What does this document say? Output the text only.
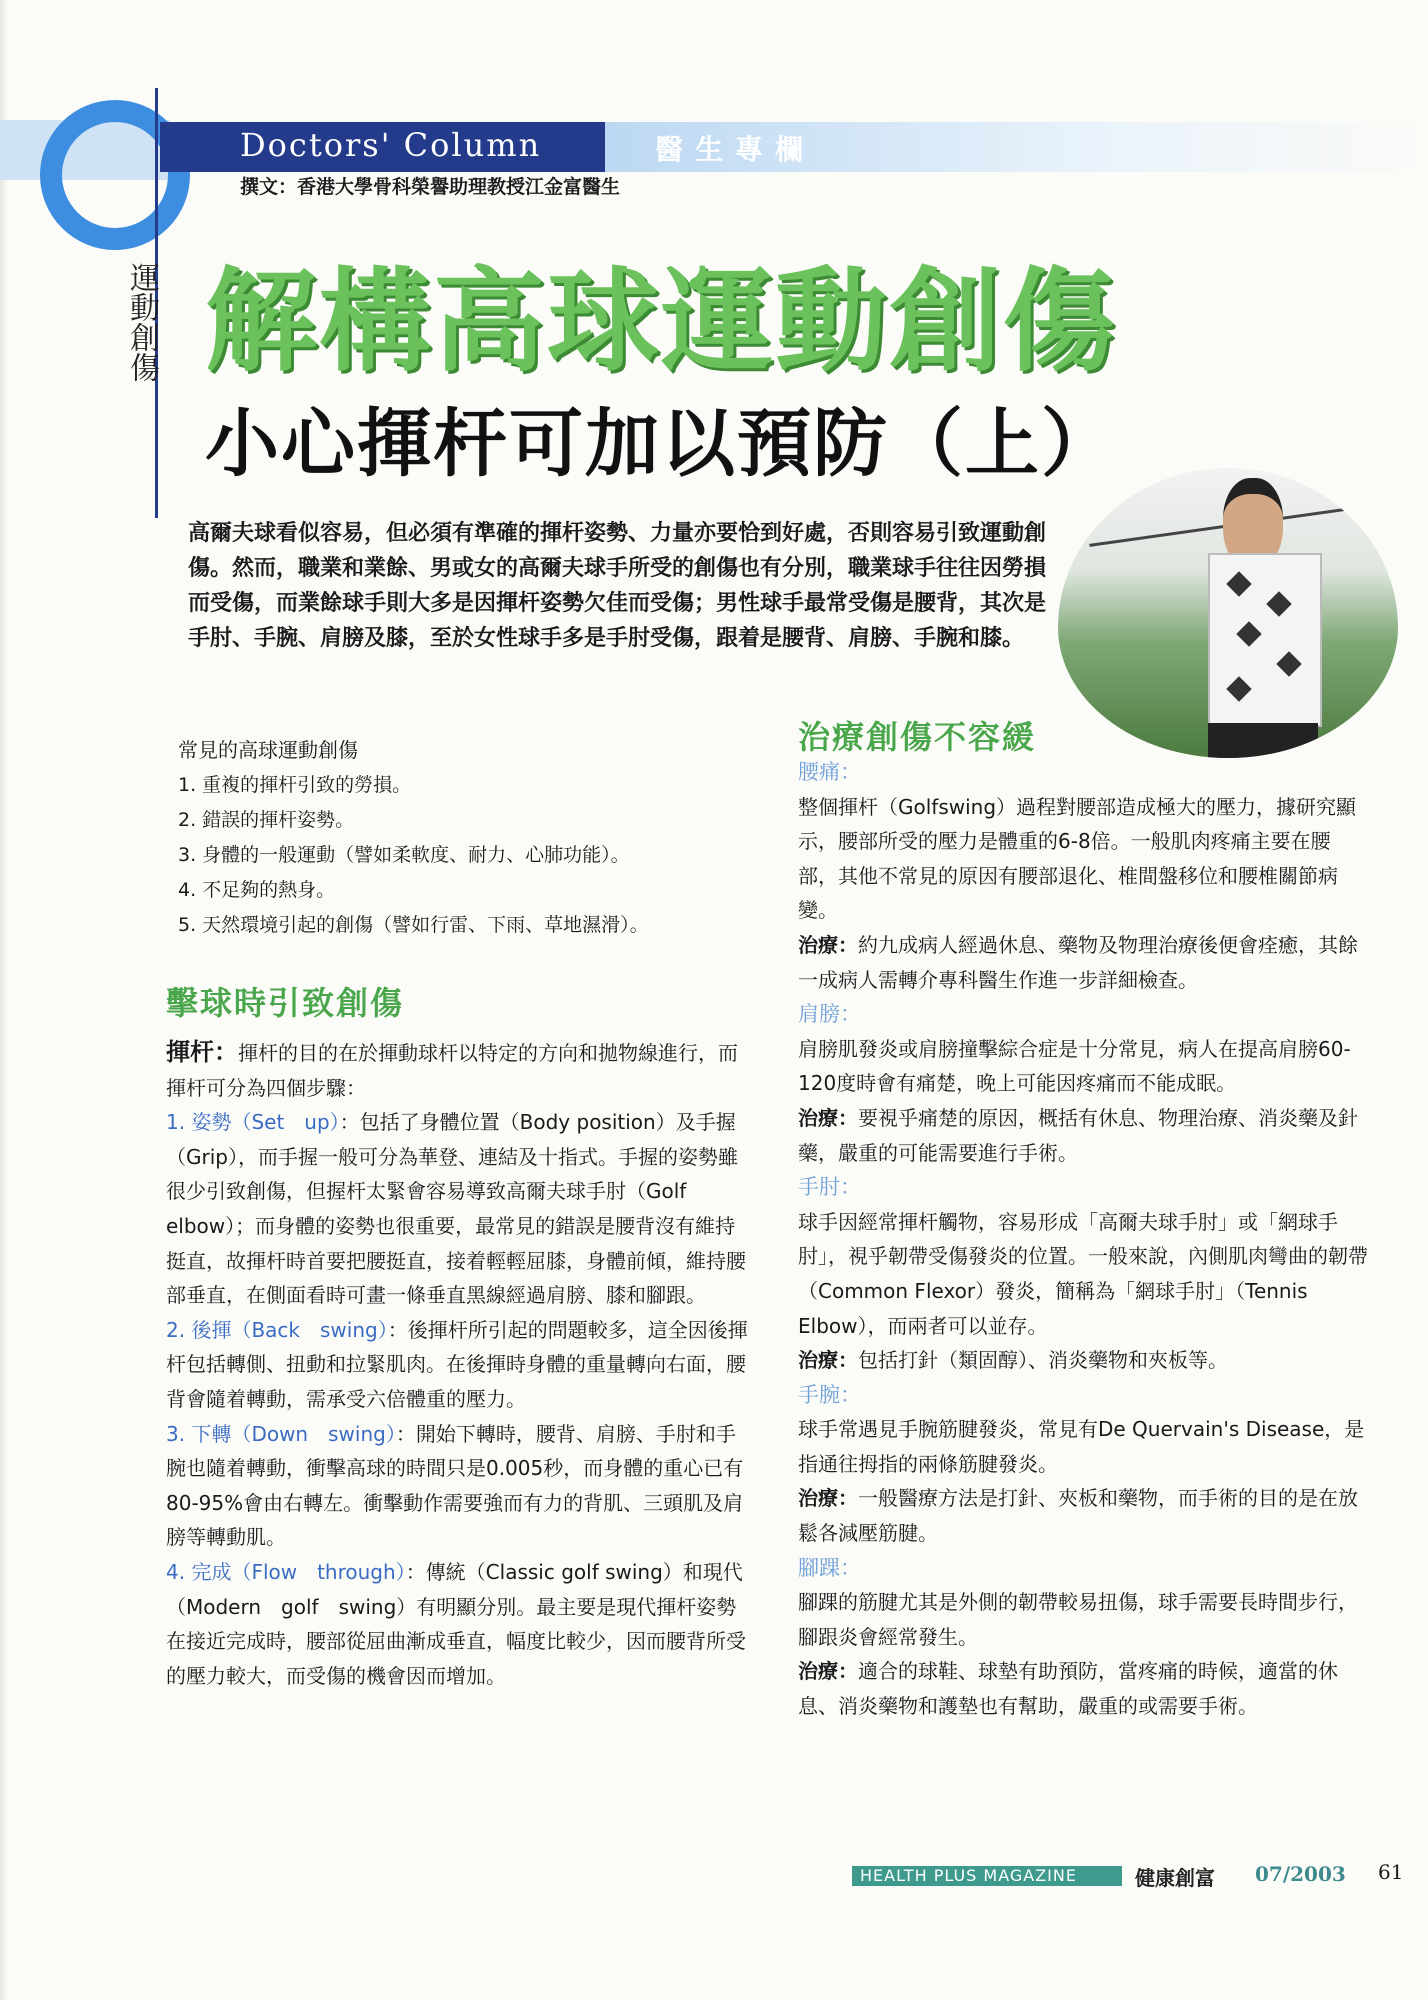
Doctors' Column	醫生專欄
撰文：香港大學骨科榮譽助理教授江金富醫生
運動創傷 解構高球運動創傷
小心揮杆可加以預防（上）
高爾夫球看似容易，但必須有準確的揮杆姿勢、力量亦要恰到好處，否則容易引致運動創傷。然而，職業和業餘、男或女的高爾夫球手所受的創傷也有分別，職業球手往往因勞損而受傷，而業餘球手則大多是因揮杆姿勢欠佳而受傷；男性球手最常受傷是腰背，其次是手肘、手腕、肩膀及膝，至於女性球手多是手肘受傷，跟着是腰背、肩膀、手腕和膝。
常見的高球運動創傷

1. 重複的揮杆引致的勞損。

2. 錯誤的揮杆姿勢。

3. 身體的一般運動（譬如柔軟度、耐力、心肺功能）。

4. 不足夠的熱身。

5. 天然環境引起的創傷（譬如行雷、下雨、草地濕滑）。

擊球時引致創傷

揮杆：揮杆的目的在於揮動球杆以特定的方向和拋物線進行，而揮杆可分為四個步驟：

1. 姿勢（Set　up）：包括了身體位置（Body position）及手握（Grip），而手握一般可分為華登、連結及十指式。手握的姿勢雖很少引致創傷，但握杆太緊會容易導致高爾夫球手肘（Golf elbow）；而身體的姿勢也很重要，最常見的錯誤是腰背沒有維持挺直，故揮杆時首要把腰挺直，接着輕輕屈膝，身體前傾，維持腰部垂直，在側面看時可畫一條垂直黑線經過肩膀、膝和腳跟。

2. 後揮（Back　swing）：後揮杆所引起的問題較多，這全因後揮杆包括轉側、扭動和拉緊肌肉。在後揮時身體的重量轉向右面，腰背會隨着轉動，需承受六倍體重的壓力。

3. 下轉（Down　swing）：開始下轉時，腰背、肩膀、手肘和手腕也隨着轉動，衝擊高球的時間只是0.005秒，而身體的重心已有80-95%會由右轉左。衝擊動作需要強而有力的背肌、三頭肌及肩膀等轉動肌。

4. 完成（Flow　through）：傳統（Classic golf swing）和現代（Modern　golf　swing）有明顯分別。最主要是現代揮杆姿勢在接近完成時，腰部從屈曲漸成垂直，幅度比較少，因而腰背所受的壓力較大，而受傷的機會因而增加。

治療創傷不容緩

腰痛：

整個揮杆（Golfswing）過程對腰部造成極大的壓力，據研究顯示，腰部所受的壓力是體重的6-8倍。一般肌肉疼痛主要在腰部，其他不常見的原因有腰部退化、椎間盤移位和腰椎關節病變。

治療：約九成病人經過休息、藥物及物理治療後便會痊癒，其餘一成病人需轉介專科醫生作進一步詳細檢查。

肩膀：

肩膀肌發炎或肩膀撞擊綜合症是十分常見，病人在提高肩膀60-120度時會有痛楚，晚上可能因疼痛而不能成眠。

治療：要視乎痛楚的原因，概括有休息、物理治療、消炎藥及針藥，嚴重的可能需要進行手術。

手肘：

球手因經常揮杆觸物，容易形成「高爾夫球手肘」或「網球手肘」，視乎韌帶受傷發炎的位置。一般來說，內側肌肉彎曲的韌帶（Common Flexor）發炎，簡稱為「網球手肘」（Tennis Elbow），而兩者可以並存。

治療：包括打針（類固醇）、消炎藥物和夾板等。

手腕：

球手常遇見手腕筋腱發炎，常見有De Quervain's Disease，是指通往拇指的兩條筋腱發炎。

治療：一般醫療方法是打針、夾板和藥物，而手術的目的是在放鬆各減壓筋腱。

腳踝：

腳踝的筋腱尤其是外側的韌帶較易扭傷，球手需要長時間步行，腳跟炎會經常發生。

治療：適合的球鞋、球墊有助預防，當疼痛的時候，適當的休息、消炎藥物和護墊也有幫助，嚴重的或需要手術。

HEALTH PLUS MAGAZINE	健康創富 07/2003 61
